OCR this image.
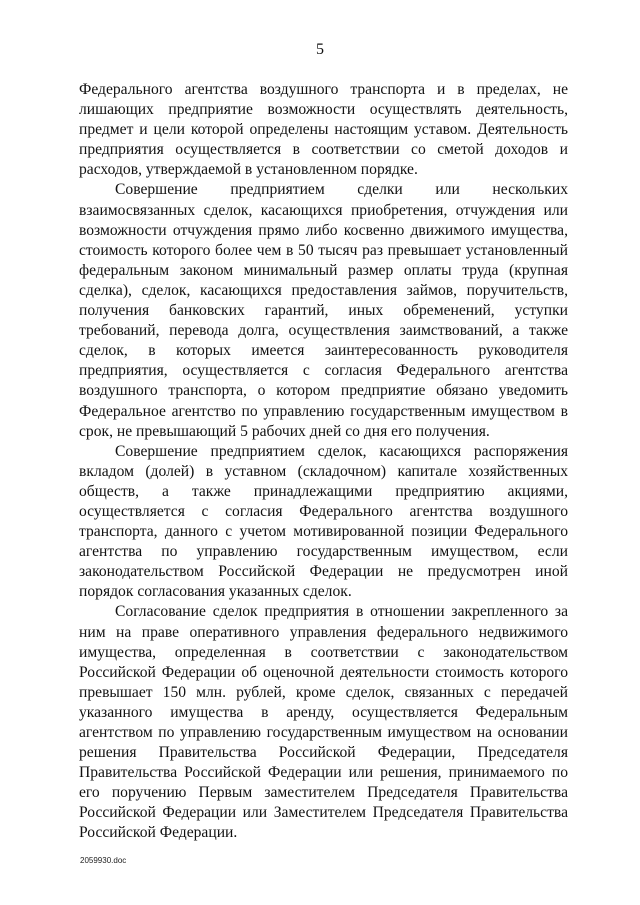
5

Федерального агентства воздушного транспорта и в пределах, не лишающих предприятие возможности осуществлять деятельность, предмет и цели которой определены настоящим уставом. Деятельность предприятия осуществляется в соответствии со сметой доходов и расходов, утверждаемой в установленном порядке.

Совершение предприятием сделки или нескольких взаимосвязанных сделок, касающихся приобретения, отчуждения или возможности отчуждения прямо либо косвенно движимого имущества, стоимость которого более чем в 50 тысяч раз превышает установленный федеральным законом минимальный размер оплаты труда (крупная сделка), сделок, касающихся предоставления займов, поручительств, получения банковских гарантий, иных обременений, уступки требований, перевода долга, осуществления заимствований, а также сделок, в которых имеется заинтересованность руководителя предприятия, осуществляется с согласия Федерального агентства воздушного транспорта, о котором предприятие обязано уведомить Федеральное агентство по управлению государственным имуществом в срок, не превышающий 5 рабочих дней со дня его получения.

Совершение предприятием сделок, касающихся распоряжения вкладом (долей) в уставном (складочном) капитале хозяйственных обществ, а также принадлежащими предприятию акциями, осуществляется с согласия Федерального агентства воздушного транспорта, данного с учетом мотивированной позиции Федерального агентства по управлению государственным имуществом, если законодательством Российской Федерации не предусмотрен иной порядок согласования указанных сделок.

Согласование сделок предприятия в отношении закрепленного за ним на праве оперативного управления федерального недвижимого имущества, определенная в соответствии с законодательством Российской Федерации об оценочной деятельности стоимость которого превышает 150 млн. рублей, кроме сделок, связанных с передачей указанного имущества в аренду, осуществляется Федеральным агентством по управлению государственным имуществом на основании решения Правительства Российской Федерации, Председателя Правительства Российской Федерации или решения, принимаемого по его поручению Первым заместителем Председателя Правительства Российской Федерации или Заместителем Председателя Правительства Российской Федерации.

2059930.doc
